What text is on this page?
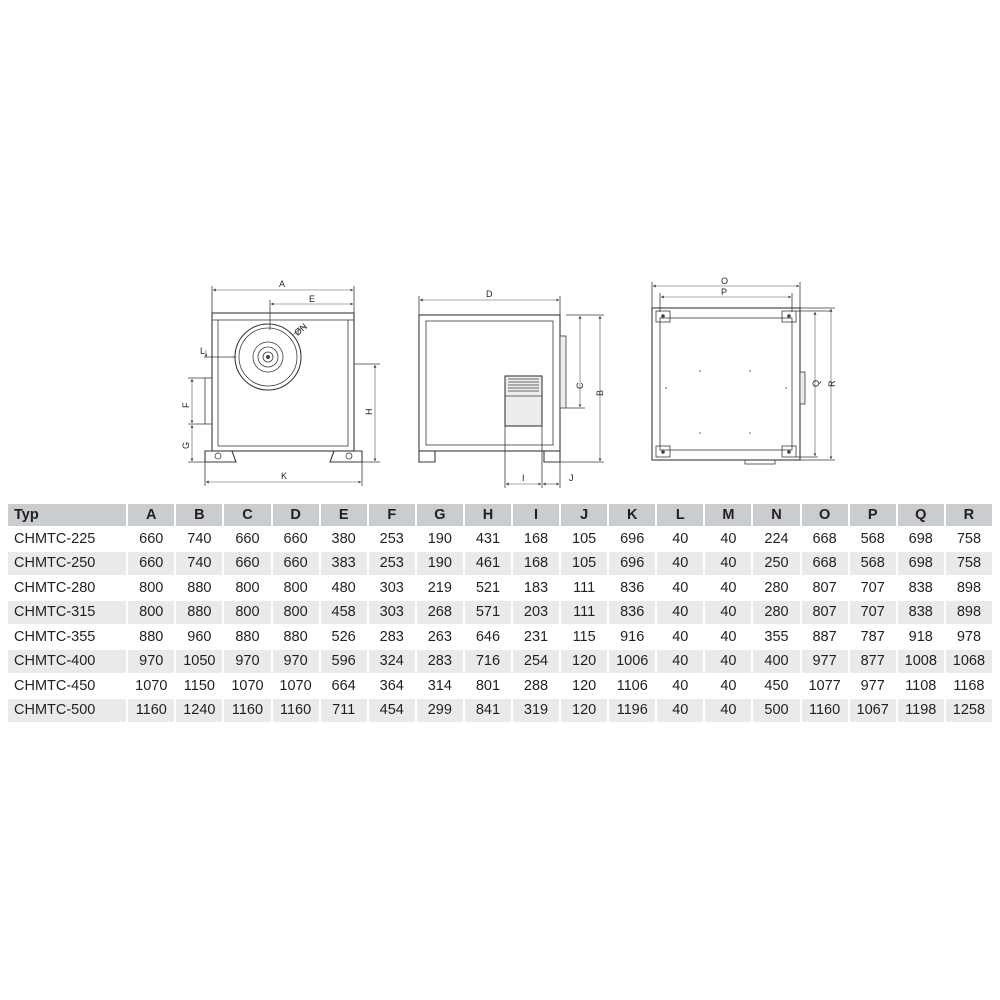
A
E
ØN
L
F
G
H
K
D
C
B
I	J
O
P
Q R
Typ	A	B	C	D	E	F	G	H	I	J	K	L	M	N	O	P	Q	R
CHMTC-225	660	740	660	660	380	253	190	431	168	105	696	40	40	224	668	568	698	758
CHMTC-250	660	740	660	660	383	253	190	461	168	105	696	40	40	250	668	568	698	758
CHMTC-280	800	880	800	800	480	303	219	521	183	111	836	40	40	280	807	707	838	898
CHMTC-315	800	880	800	800	458	303	268	571	203	111	836	40	40	280	807	707	838	898
CHMTC-355	880	960	880	880	526	283	263	646	231	115	916	40	40	355	887	787	918	978
CHMTC-400	970	1050	970	970	596	324	283	716	254	120	1006	40	40	400	977	877	1008	1068
CHMTC-450	1070	1150	1070	1070	664	364	314	801	288	120	1106	40	40	450	1077	977	1108	1168
CHMTC-500	1160	1240	1160	1160	711	454	299	841	319	120	1196	40	40	500	1160	1067	1198	1258
